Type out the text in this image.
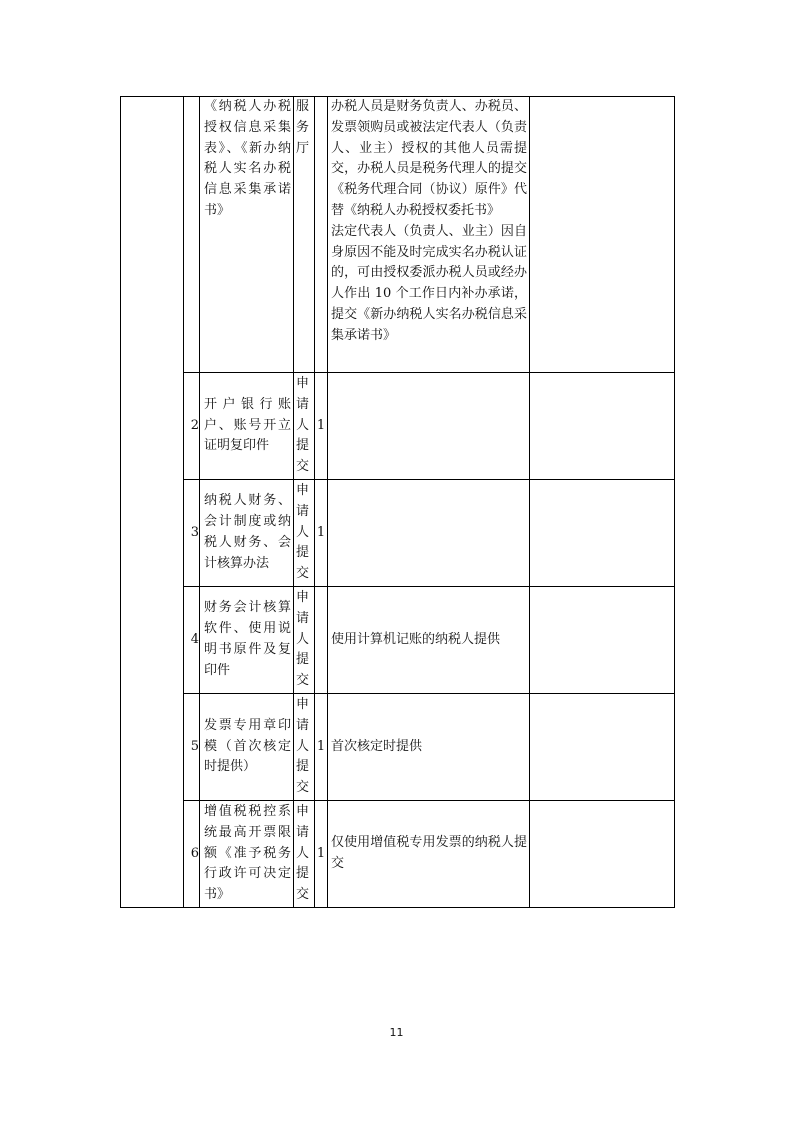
		《纳税人办税授权信息采集表》、《新办纳税人实名办税信息采集承诺书》	服务厅		办税人员是财务负责人、办税员、发票领购员或被法定代表人（负责人、业主）授权的其他人员需提交，办税人员是税务代理人的提交《税务代理合同（协议）原件》代替《纳税人办税授权委托书》
法定代表人（负责人、业主）因自身原因不能及时完成实名办税认证的，可由授权委派办税人员或经办人作出 10 个工作日内补办承诺，提交《新办纳税人实名办税信息采集承诺书》	

	2	开户银行账户、账号开立证明复印件	申请人提交	1		
	3	纳税人财务、会计制度或纳税人财务、会计核算办法	申请人提交	1		
	4	财务会计核算软件、使用说明书原件及复印件	申请人提交		使用计算机记账的纳税人提供	
	5	发票专用章印模（首次核定时提供）	申请人提交	1	首次核定时提供	
	6	增值税税控系统最高开票限额《准予税务行政许可决定书》	申请人提交	1	仅使用增值税专用发票的纳税人提交	
11
